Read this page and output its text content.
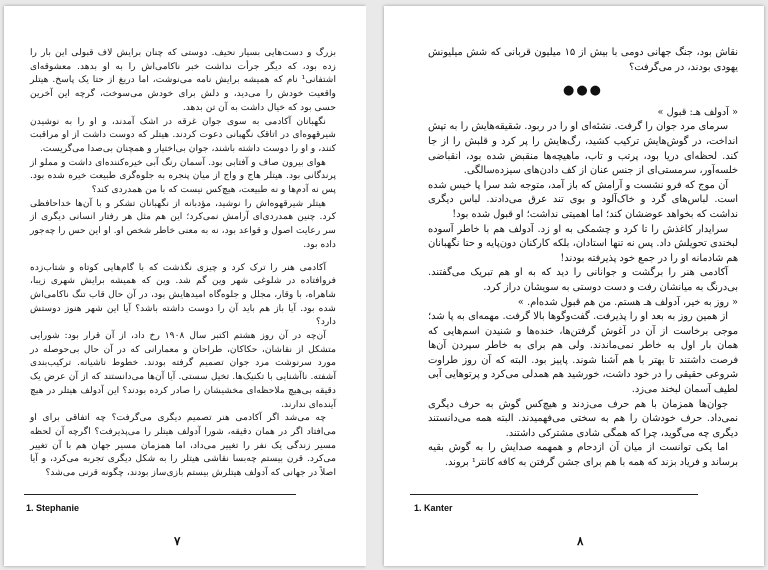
بزرگ و دست‌هایی بسیار نحیف. دوستی که چنان برایش لاف قبولی این بار را زده بود، که دیگر جرأت نداشت خبر ناکامی‌اش را به او بدهد. معشوقه‌ای اشتفانی¹ نام که همیشه برایش نامه می‌نوشت، اما دریغ از حتا یک پاسخ. هیتلر واقعیت خودش را می‌دید، و دلش برای خودش می‌سوخت، گرچه این آخرین حسی بود که خیال داشت به آن تن بدهد.

نگهبانان آکادمی به سوی جوان غرقه در اشک آمدند، و او را به نوشیدن شیرقهوه‌ای در اتاقک نگهبانی دعوت کردند. هیتلر که دوست داشت از او مراقبت کنند، و او را دوست داشته باشند، جوان بی‌اختیار و همچنان بی‌صدا می‌گریست.

هوای بیرون صاف و آفتابی بود. آسمان رنگ آبی خیره‌کننده‌ای داشت و مملو از پرندگانی بود. هیتلر هاج و واج از میان پنجره به جلوه‌گری طبیعت خیره شده بود. پس نه آدم‌ها و نه طبیعت، هیچ‌کس نیست که با من همدردی کند؟

هیتلر شیرقهوه‌اش را نوشید، مؤدبانه از نگهبانان تشکر و با آن‌ها خداحافظی کرد. چنین همدردی‌ای آرامش نمی‌کرد؛ این هم مثل هر رفتار انسانی دیگری از سر رعایت اصول و قواعد بود، نه به معنی خاطر شخص او. او این حس را چه‌جور داده بود.

آکادمی هنر را ترک کرد و چیزی نگذشت که با گام‌هایی کوتاه و شتاب‌زده فروافتاده در شلوغی شهر وین گم شد. وین که همیشه برایش شهری زیبا، شاهراه، با وقار، مجلل و جلوه‌گاه امیدهایش بود، در آن حال قاب تنگ ناکامی‌اش شده بود. آیا باز هم باید آن را دوست داشته باشد؟ آیا این شهر هنوز دوستش دارد؟

آن‌چه در آن روز هشتم اکتبر سال ۱۹۰۸ رخ داد، از آن قرار بود: شورایی متشکل از نقاشان، حکاکان، طراحان و معمارانی که در آن حال بی‌حوصله در مورد سرنوشت مرد جوان تصمیم گرفته بودند. خطوط ناشیانه. ترکیب‌بندی آشفته. ناآشنایی با تکنیک‌ها. تخیل سستی. آیا آن‌ها می‌دانستند که از آن عرض یک دقیقه بی‌هیچ ملاحظه‌ای مخشیشان را صادر کرده بودند؟ این آدولف هیتلر در هیچ آینده‌ای ندارند.

چه می‌شد اگر آکادمی هنر تصمیم دیگری می‌گرفت؟ چه اتفاقی برای او می‌افتاد اگر در همان دقیقه، شورا آدولف هیتلر را می‌پذیرفت؟ اگرچه آن لحظه مسیر زندگی یک نفر را تغییر می‌داد، اما همزمان مسیر جهان هم با آن تغییر می‌کرد. قرن بیستم چه‌بسا نقاشی هیتلر را به شکل دیگری تجربه می‌کرد، و آیا اصلاً در جهانی که آدولف هیتلرش بیستم بازی‌ساز بودند، چگونه قرنی می‌شد؟

1. Stephanie
۷

نقاش بود، جنگ جهانی دومی با بیش از ۱۵ میلیون قربانی که شش میلیونش یهودی بودند، در می‌گرفت؟

●●●

« آدولف هـ: قبول »

سرمای مرد جوان را گرفت. نشئه‌ای او را در ربود. شقیقه‌هایش را به تپش انداخت، در گوش‌هایش ترکیب کشید، رگ‌هایش را پر کرد و قلبش را از جا کند. لحظه‌ای دریا بود، پرتب و تاب، ماهیچه‌ها منقبض شده بود، انقباضی خلسه‌آور، سرمستی‌ای از جنس عنان از کف دادن‌های سیزده‌سالگی.

آن موج که فرو نشست و آرامش که باز آمد، متوجه شد سرا پا خیس شده است. لباس‌های گرد و خاک‌آلود و بوی تند عرق می‌دادند. لباس دیگری نداشت که بخواهد عوضشان کند؛ اما اهمیتی نداشت؛ او قبول شده بود!

سرایدار کاغذش را تا کرد و چشمکی به او زد. آدولف هم با خاطر آسوده لبخندی تحویلش داد. پس نه تنها استادان، بلکه کارکنان دون‌پایه و حتا نگهبانان هم شادمانه او را در جمع خود پذیرفته بودند!

آکادمی هنر را برگشت و جوانانی را دید که به او هم تبریک می‌گفتند. بی‌درنگ به میانشان رفت و دست دوستی به سویشان دراز کرد.

« روز به خیر، آدولف هـ هستم. من هم قبول شده‌ام. »

از همین روز به بعد او را پذیرفت. گفت‌وگوها بالا گرفت. مهمه‌ای به پا شد؛ موجی برخاست از آن در آغوش گرفتن‌ها، خنده‌ها و شنیدن اسم‌هایی که همان بار اول به خاطر نمی‌ماندند. ولی هم برای به خاطر سپردن آن‌ها فرصت داشتند تا بهتر با هم آشنا شوند. پاییز بود. البته که آن روز طراوت شروعی حقیقی را در خود داشت، خورشید هم همدلی می‌کرد و پرتو‌هایی آبی لطیف آسمان لبخند می‌زد.

جوان‌ها همزمان با هم حرف می‌زدند و هیچ‌کس گوش به حرف دیگری نمی‌داد. حرف خودشان را هم به سختی می‌فهمیدند. البته همه می‌دانستند دیگری چه می‌گوید، چرا که همگی شادی مشترکی داشتند.

اما یکی توانست از میان آن ازدحام و همهمه صدایش را به گوش بقیه برساند و فریاد بزند که همه با هم برای جشن گرفتن به کافه کانتر¹ بروند.

1. Kanter
۸
